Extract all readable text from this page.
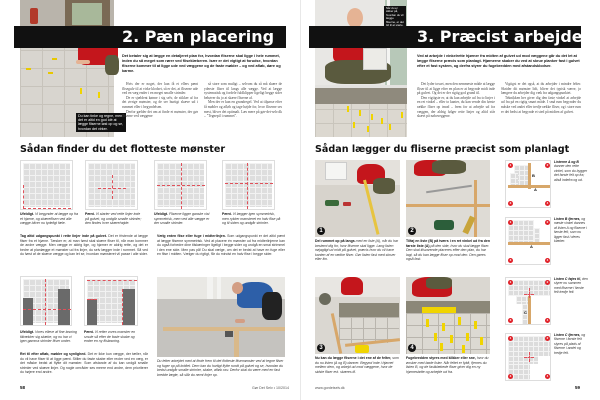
Du kan tinke og regne, men det er altid en god idé at lægge fliserne løst op og se, hvordan det virker.
2. Pæn placering
Det betaler sig at lægge en detaljeret plan for, hvordan fliserne skal ligge i hele rummet, inden du så meget som rører ved fliseklæberen. Især er det vigtigt at forudse, hvordan fliserne kommer til at ligge ude ved væggene og de faste møbler – og ved afløb, døre og karme.

Hvis der er noget, der kan få et ellers pænt flisegulv til at virke klodset, så er det, at fliserne ude ved en væg ender i en meget smalle strimler.

De er sjældent kønne i sig selv, de stikker af fra det øvrige mønster, og de ser hurtigt skæve ud i rummet eller i begyndelsen.

Derfor gælder det om at finde et mønster, der gør fliserne ved væggene

så store som muligt – selvom du så må skære de yderste fliser til langs alle vægge. Ved at lægge systematisk og fordele fuldklipper ligeligt begge sider behøver du jo at skære fliserne af.

Men der er kun en grundregel. Ved at tilpasse efter få møbler og afløb og tage højde for, hvor fliserne ses mest, bliver det optimalt. Læs mere på gør-det-selv.dk – "Tegnepil i rummet".

Sådan finder du det flotteste mønster
Ufeldigt. Vi begynder at lægge op fra et hjørne, og skæreflisen ved alle vægge bliver nu tydeligt fæle.
Pænt. Vi starter ved rette linjer inde på gulvet, og undgår smalle strimler; den findes hver skærehøjde.
Ufeldigt. Fliserne ligger ganske vist symmetrisk, men ved alle vægge er der smalle strimler.
Pænt. Vi lægger igen symmetrisk, men rykker mønsteret en halv flise på og til siden og undgår strimler.
Tag altid udgangspunkt i rette linjer inde på gulvet. Det er fristende at lægge fliser fra et hjørne. Tæsker er, at man først skal skære fliser til, når man kommer de andre vægge. Men vægge er aldrig lige, og hjørner er aldrig rette, og det er bedre at planlægge et mønster ud fra linjer, du selv lægger inde i rummet. Så ved du først af de skæve vægge og kan let se, hvordan mønsteret vil passe i alle sider.
Vælg enten flise eller fuge i midterlinjen. Som udgangspunkt er det altid pænt at lægge fliserne symmetrisk. Ved at placere én mønster ud fra midterlinjerne kan du også forbedre dine tilskæringer ligeligt i begge sider og undgå en smal strimmel i den ene side. Men pas på! Du skal vælge, om det er bedst at have en fuge eller en flise i midten. Vælger du rigtigt, får du mindst en halv flise i begge sider.
Ufeldigt. Vores elleve af fine løsning tiltrækker sig skæbe, og nu har vi igen gamma strimler fliser under.
Pænt. Vi retter vores mønster en smule så efter de faste skabe og ender en ny flisløsning.
Ret til efter afløb, møbler og synlighed. Det er ikke kun vægge, der tæller, når du vil have fliser til at ligge pænt. Stiller du faste skabe eller reoler ved en væg, er det måske bedst at flytte dit mønster. Som afstande af du kan undgå smalle strimler ved skæve linjer. Og nogle områder ses meere end andre, dem prioriterer du højere end andre.
Du letter arbejdet med at finde frem til det flotteste flisemønster ved at tegne fliser og fuger op på kridtet. Dem kan du hurtigt flytte rundt på gulvet og se, hvordan du bedst undgår smalle strimler, skabe, afløb osv. Derfor skal du være med en fast bredde lægte, så slår du nemt linjer op.
58	Gør Det Selv • 10/2014
Når du er sikker på, hvordan du vil lægge fliserne, er det
3. Præcist arbejde
Ved at arbejde i vinkelrette hjørner fra midten af gulvet ud mod væggene går du det let at lægge fliserne præcis som planlagt. Hjørnerne skaber du ved at skrue planker fast i gulvet efter et fast system, og derfra styrer du fugebredden med afstandsklodser.

Det lyder tosset, men den nemmeste måde at lægge fliser til at ligge efter en plan er at begynde midt inde på gulvet. Og det er der rigtig god grund til.

Den vigtigste er, at du kan arbejde ud fra to linjer i en ret vinkel – eller to kanter, du kan vende din første række fliser op imod – frem for at arbejde ud fra væggen, der aldrig følger rette linjer og altid står skævt på naboveggene.

Vigtigst er det også, at du arbejder i mindre felter. Skrider dit mønster lidt, bliver det typisk værre, jo længere du arbejder dig væk fra udgangspunktet.

Teknikken her giver dig den faste vinkel at arbejde ud fra på en rigtig smart måde. I små rum begynder du måske ved andet eller tredje række fliser, og i store rum er det bedst at begynde et sted på midten af gulvet.

Sådan lægger du fliserne præcist som planlagt
1	2
Del rummet op på langs med en liste (A), når du har bestemt dig for, hvor fliserne skal ligge. Lang listen nøjagtigt ud midt på gulvet, præcis hvor du vil have kanten af en række fliser. Gør listen fast med skruer eller lim.
Tilføj en liste (B) på tværs i en ret vinkel ud fra den første liste (A) på den side, hvor du skal lægge fliser. Den skal tilsvarende placeres efter den plan, du har lagt, så du kan lægge fliser op mod den. Den gøres også fast.
3	4
Nu kan du lægge fliserne i det ene af de felter, som du nu listen (A og B) danner. Begynd inde i hjørnet mellem dem, og arbejd ud mod væggene, hvor de sidste fliser evt. skæres til.
Fugebredden styres med klikker eller sne, hvor du ønsker med bøde lister. Når feltet er fyldt, fjernes du listen B, og de fastklæbede fliser giver dig en ny hjørnestøtte og arbejde ud fra.
B
A
1	2
3	4
Listerne A og B danner den rette vinkel, som du bygger det første felt op fra; altså indefra og ud.
A
1	2
3	4
Listen B fjernes, og næste vinkel dannes af listen A og fliserne i første felt, som nu ligger fast i deres klæber.
C
1	2
3	4
Listen C føjes til, den styrer nu sammen med fliserne i første felt tredje felt.
1	2
3	4
Listen C fjernes, og fliserne i første felt styres på plads af fliserne i andet og tredje felt.
www.gordetselv.dk	59
